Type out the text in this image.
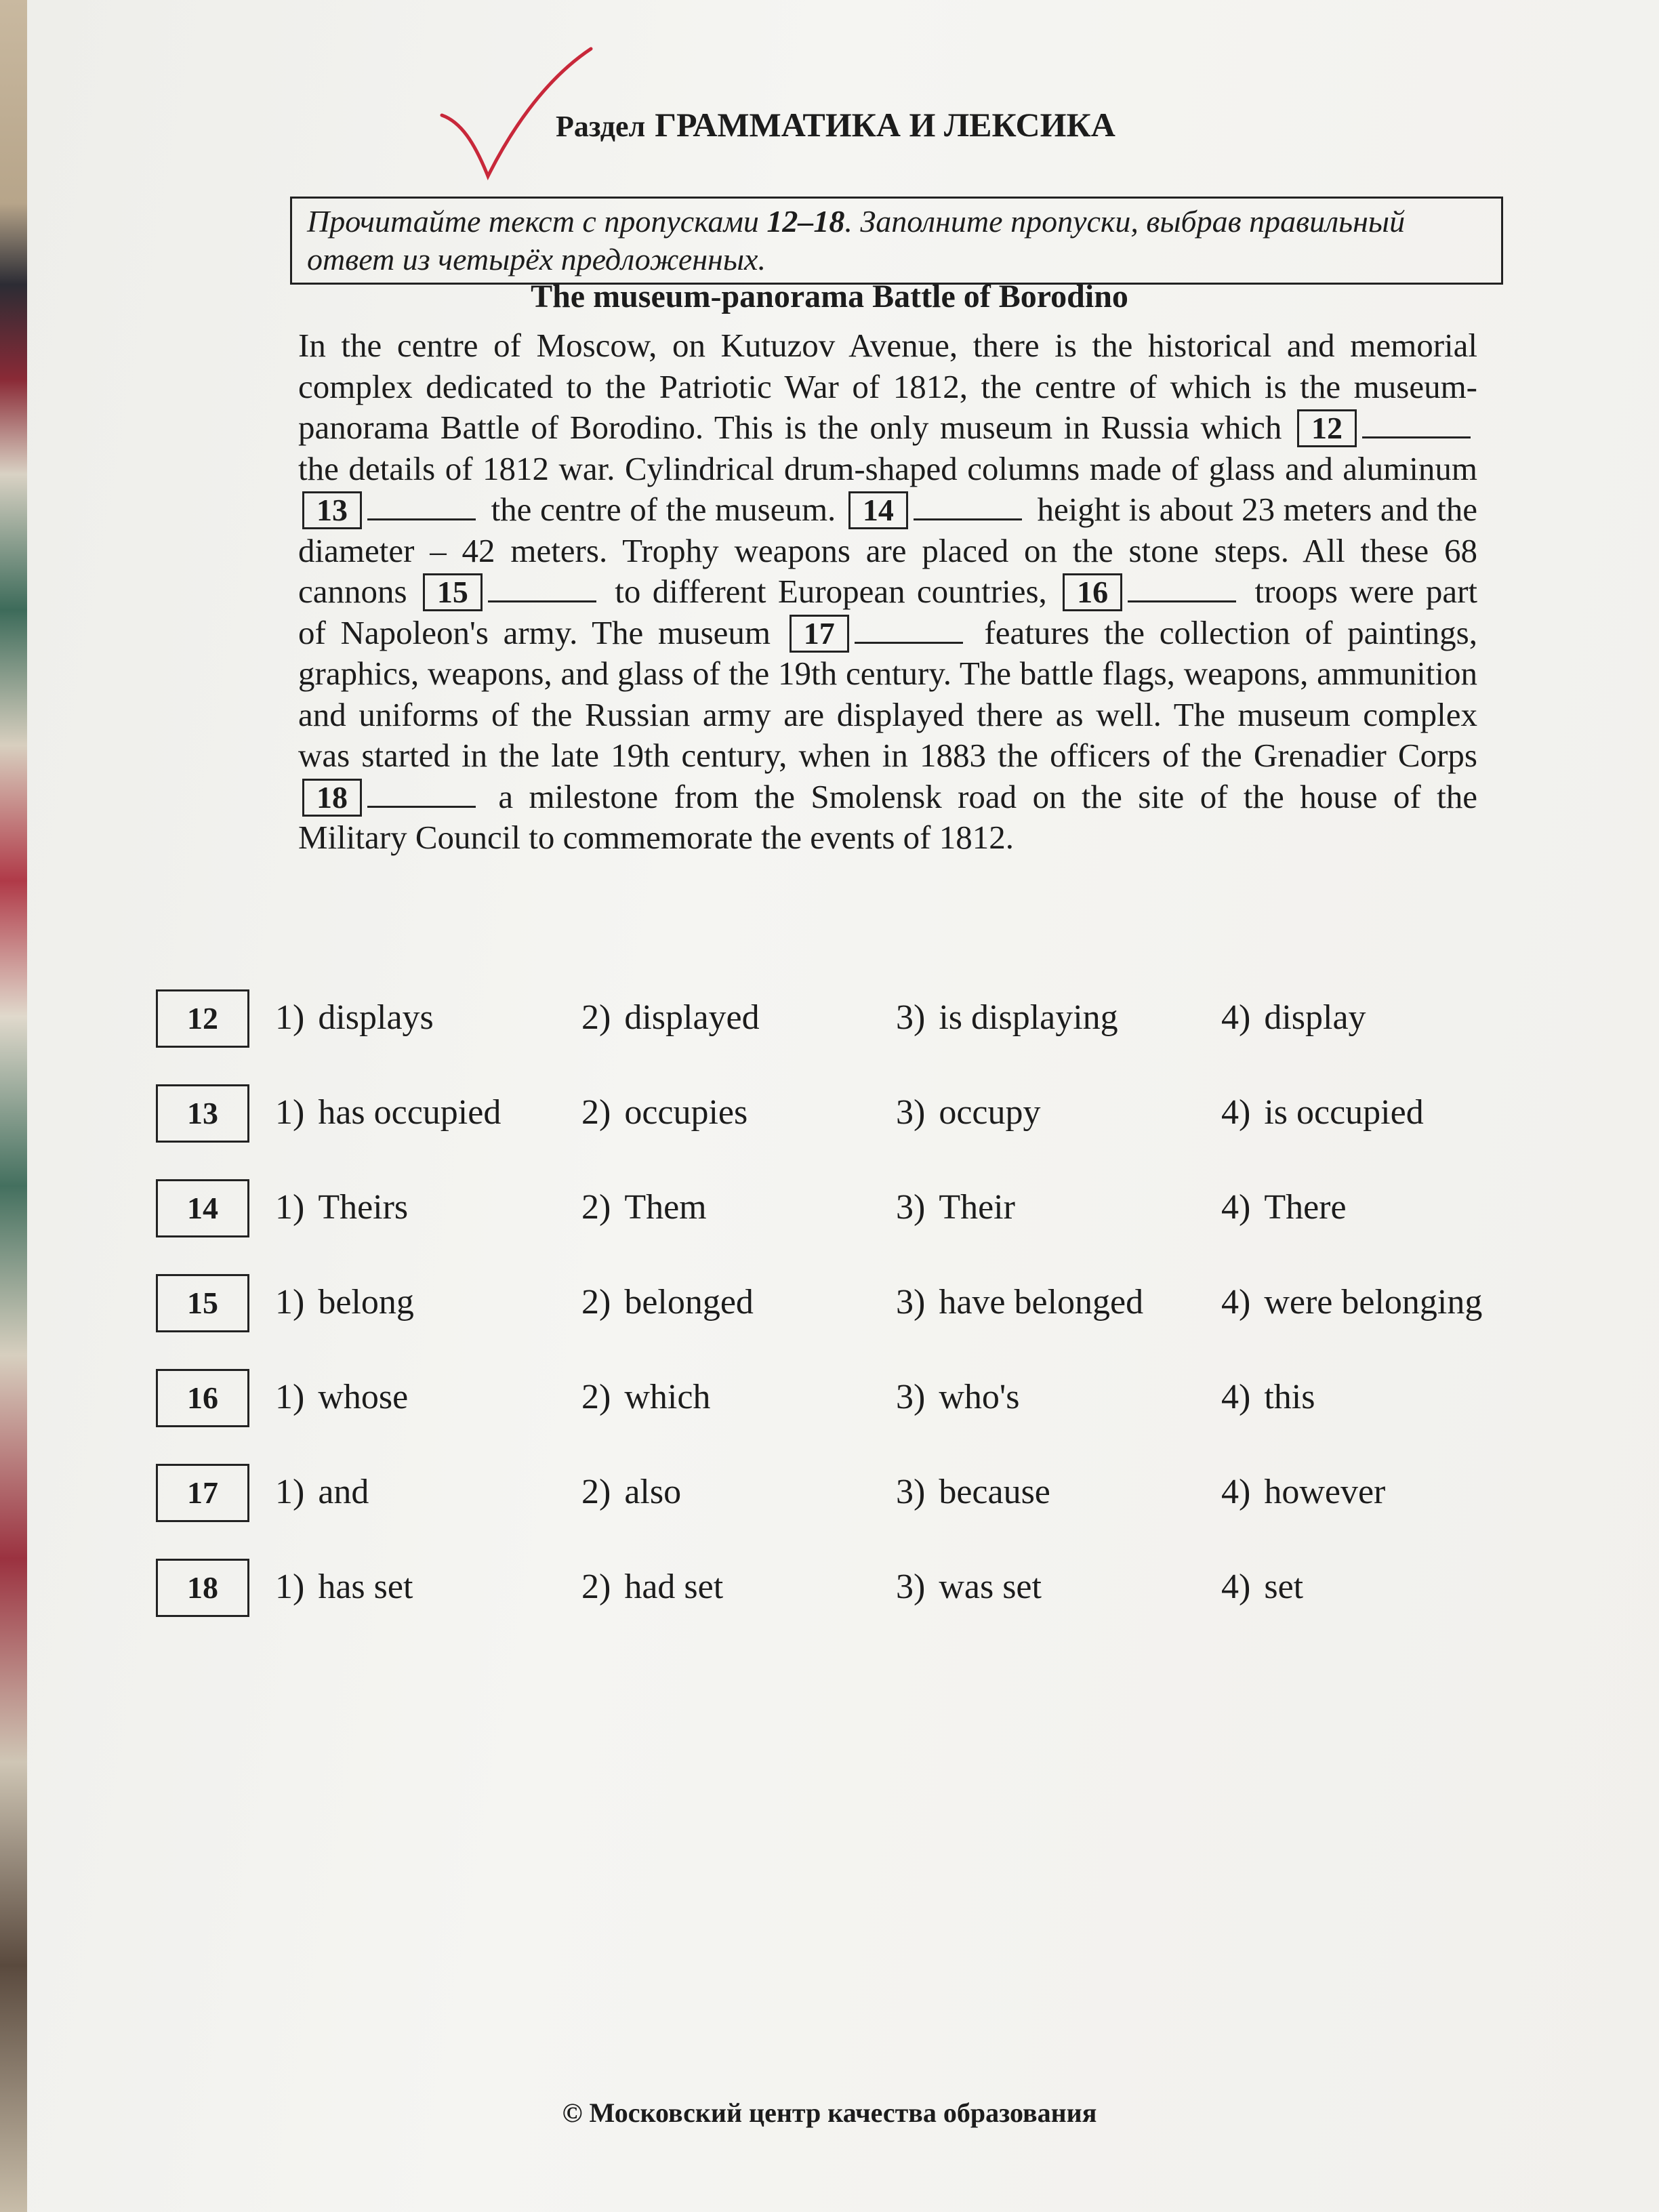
Раздел ГРАММАТИКА И ЛЕКСИКА
Прочитайте текст с пропусками 12–18. Заполните пропуски, выбрав правильный ответ из четырёх предложенных.
The museum-panorama Battle of Borodino
In the centre of Moscow, on Kutuzov Avenue, there is the historical and memorial complex dedicated to the Patriotic War of 1812, the centre of which is the museum-panorama Battle of Borodino. This is the only museum in Russia which 12 the details of 1812 war. Cylindrical drum-shaped columns made of glass and aluminum 13	the centre of the museum. 14	height is about 23 meters and the diameter – 42 meters. Trophy weapons are placed on the stone steps. All these 68 cannons 15	to different European countries, 16	troops were part of Napoleon's army. The museum 17	features the collection of paintings, graphics, weapons, and glass of the 19th century. The battle flags, weapons, ammunition and uniforms of the Russian army are displayed there as well. The museum complex was started in the late 19th century, when in 1883 the officers of the Grenadier Corps 18	a milestone from the Smolensk road on the site of the house of the Military Council to commemorate the events of 1812.
12	1) displays	2) displayed	3) is displaying	4) display
13	1) has occupied 2) occupies	3) occupy	4) is occupied
14	1) Theirs	2) Them	3) Their	4) There
15	1) belong	2) belonged	3) have belonged 4) were belonging
16	1) whose	2) which	3) who's	4) this
17	1) and	2) also	3) because	4) however
18	1) has set	2) had set	3) was set	4) set
© Московский центр качества образования
